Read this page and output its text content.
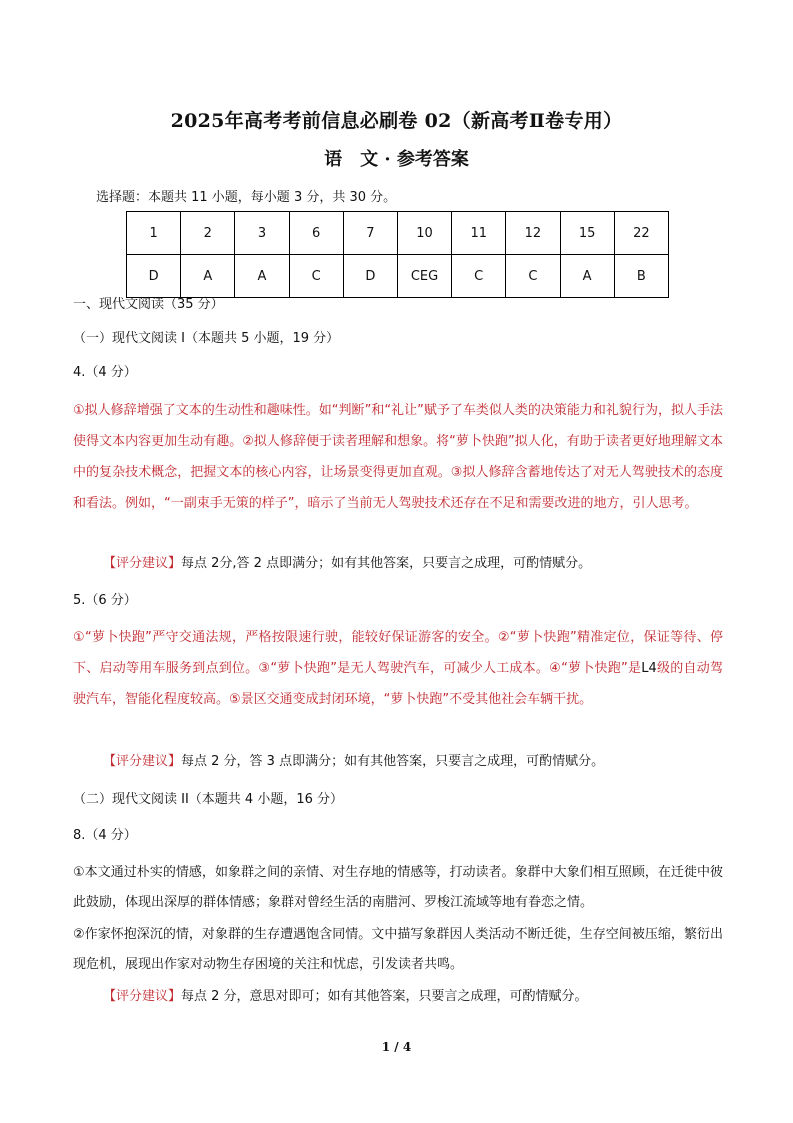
2025年高考考前信息必刷卷 02（新高考Ⅱ卷专用）
语　文 · 参考答案
选择题：本题共 11 小题，每小题 3 分，共 30 分。
1	2	3	6	7	10	11	12	15	22
D	A	A	C	D	CEG	C	C	A	B
一、现代文阅读（35 分）
（一）现代文阅读 I（本题共 5 小题，19 分）
4.（4 分）

①拟人修辞增强了文本的生动性和趣味性。如“判断”和“礼让”赋予了车类似人类的决策能力和礼貌行为，拟人手法使得文本内容更加生动有趣。②拟人修辞便于读者理解和想象。将“萝卜快跑”拟人化，有助于读者更好地理解文本中的复杂技术概念，把握文本的核心内容，让场景变得更加直观。③拟人修辞含蓄地传达了对无人驾驶技术的态度和看法。例如，“一副束手无策的样子”，暗示了当前无人驾驶技术还存在不足和需要改进的地方，引人思考。

【评分建议】每点 2分,答 2 点即满分；如有其他答案，只要言之成理，可酌情赋分。
5.（6 分）

①“萝卜快跑”严守交通法规，严格按限速行驶，能较好保证游客的安全。②“萝卜快跑”精准定位，保证等待、停下、启动等用车服务到点到位。③“萝卜快跑”是无人驾驶汽车，可减少人工成本。④“萝卜快跑”是L4级的自动驾驶汽车，智能化程度较高。⑤景区交通变成封闭环境，“萝卜快跑”不受其他社会车辆干扰。

【评分建议】每点 2 分，答 3 点即满分；如有其他答案，只要言之成理，可酌情赋分。
（二）现代文阅读 II（本题共 4 小题，16 分）
8.（4 分）

①本文通过朴实的情感，如象群之间的亲情、对生存地的情感等，打动读者。象群中大象们相互照顾，在迁徙中彼此鼓励，体现出深厚的群体情感；象群对曾经生活的南腊河、罗梭江流域等地有眷恋之情。

②作家怀抱深沉的情，对象群的生存遭遇饱含同情。文中描写象群因人类活动不断迁徙，生存空间被压缩，繁衍出现危机，展现出作家对动物生存困境的关注和忧虑，引发读者共鸣。

【评分建议】每点 2 分，意思对即可；如有其他答案，只要言之成理，可酌情赋分。
1 / 4
